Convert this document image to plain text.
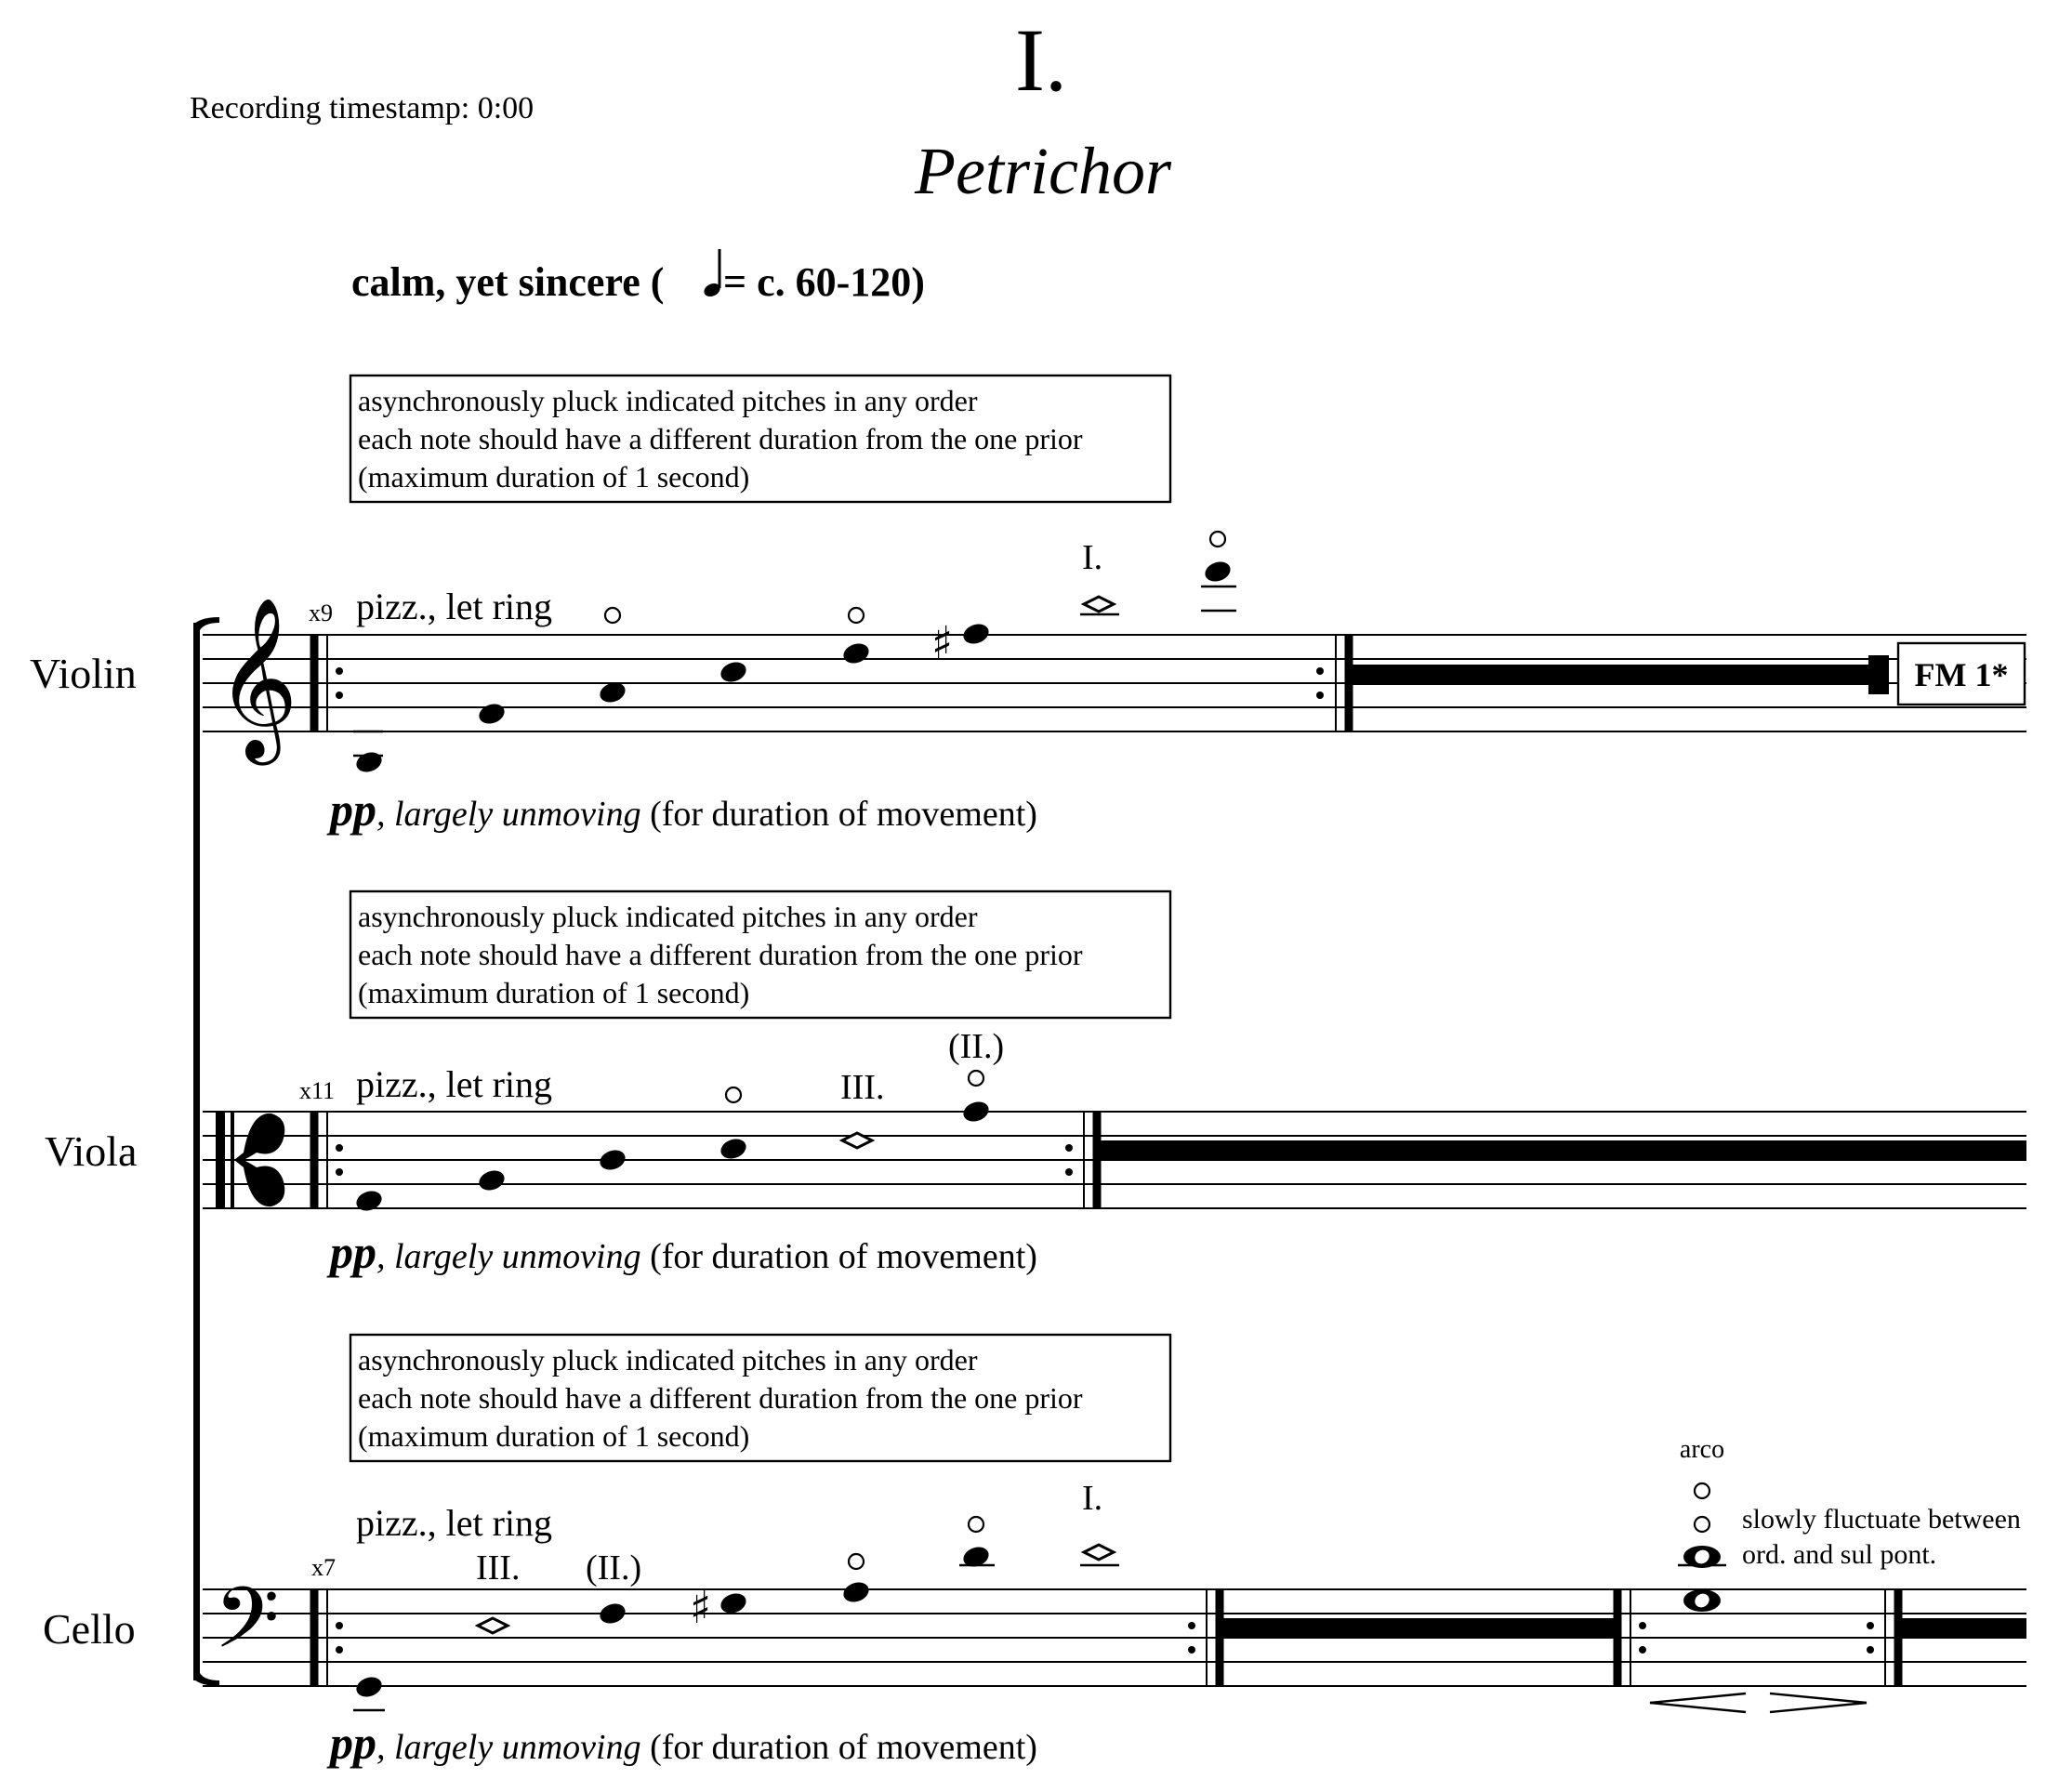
Recording timestamp: 0:00	I.
Petrichor
calm, yet sincere ( = c. 60-120)
asynchronously pluck indicated pitches in any order
each note should have a different duration from the one prior
(maximum duration of 1 second)
asynchronously pluck indicated pitches in any order
each note should have a different duration from the one prior
(maximum duration of 1 second)
asynchronously pluck indicated pitches in any order
each note should have a different duration from the one prior
(maximum duration of 1 second)
Violin 𝄞 x9 pizz., let ring
♯
I.
FM 1*
pp, largely unmoving (for duration of movement)
Viola
x11 pizz., let ring	III.
(II.)
pp, largely unmoving (for duration of movement)
Cello 𝄢
x7
pizz., let ring
III. (II.)
♯
I.
arco
slowly fluctuate between
ord. and sul pont.
pp, largely unmoving (for duration of movement)
